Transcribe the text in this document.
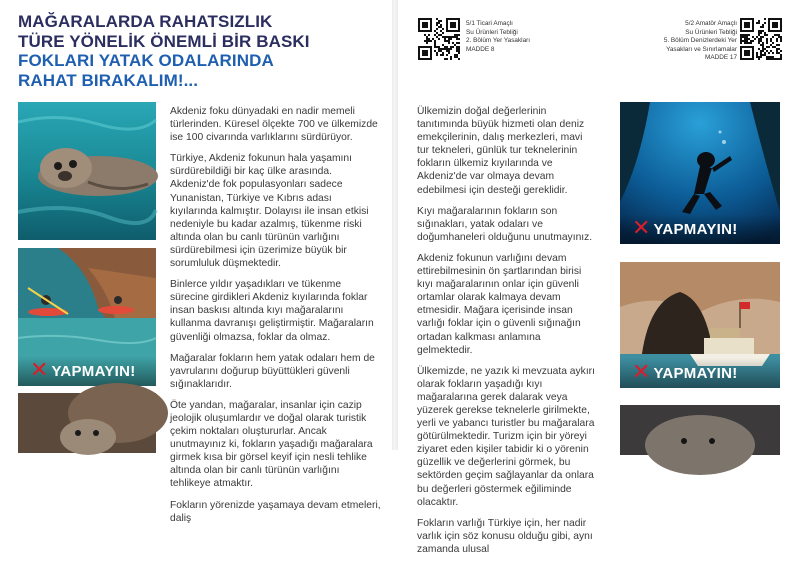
MAĞARALARDA RAHATSIZLIK
TÜRE YÖNELİK ÖNEMLİ BİR BASKI
FOKLARI YATAK ODALARINDA
RAHAT BIRAKALIM!...
✕ YAPMAYIN!

Akdeniz foku dünyadaki en nadir memeli türlerinden. Küresel ölçekte 700 ve ülkemizde ise 100 civarında varlıklarını sürdürüyor.

Türkiye, Akdeniz fokunun hala yaşamını sürdürebildiği bir kaç ülke arasında. Akdeniz'de fok populasyonları sadece Yunanistan, Türkiye ve Kıbrıs adası kıyılarında kalmıştır. Dolayısı ile insan etkisi nedeniyle bu kadar azalmış, tükenme riski altında olan bu canlı türünün varlığını sürdürebilmesi için üzerimize büyük bir sorumluluk düşmektedir.

Binlerce yıldır yaşadıkları ve tükenme sürecine girdikleri Akdeniz kıyılarında foklar insan baskısı altında kıyı mağaralarını kullanma davranışı geliştirmiştir. Mağaraların güvenliği olmazsa, foklar da olmaz.

Mağaralar fokların hem yatak odaları hem de yavrularını doğurup büyüttükleri güvenli sığınaklarıdır.

Öte yandan, mağaralar, insanlar için cazip jeolojik oluşumlardır ve doğal olarak turistik çekim noktaları oluştururlar. Ancak unutmayınız ki, fokların yaşadığı mağaralara girmek kısa bir görsel keyif için nesli tehlike altında olan bir canlı türünün varlığını tehlikeye atmaktır.

Fokların yörenizde yaşamaya devam etmeleri, daliş

5/1 Ticari Amaçlı
Su Ürünleri Tebliği
2. Bölüm Yer Yasakları
MADDE 8
5/2 Amatör Amaçlı
Su Ürünleri Tebliği
5. Bölüm Denizlerdeki Yer
Yasakları ve Sınırlamalar
MADDE 17

Ülkemizin doğal değerlerinin tanıtımında büyük hizmeti olan deniz emekçilerinin, dalış merkezleri, mavi tur tekneleri, günlük tur teknelerinin fokların ülkemiz kıyılarında ve Akdeniz'de var olmaya devam edebilmesi için desteği gereklidir.

Kıyı mağaralarının fokların son sığınakları, yatak odaları ve doğumhaneleri olduğunu unutmayınız.

Akdeniz fokunun varlığını devam ettirebilmesinin ön şartlarından birisi kıyı mağaralarının onlar için güvenli ortamlar olarak kalmaya devam etmesidir. Mağara içerisinde insan varlığı foklar için o güvenli sığınağın ortadan kalkması anlamına gelmektedir.

Ülkemizde, ne yazık ki mevzuata aykırı olarak fokların yaşadığı kıyı mağaralarına gerek dalarak veya yüzerek gerekse teknelerle girilmekte, yerli ve yabancı turistler bu mağaralara götürülmektedir. Turizm için bir yöreyi ziyaret eden kişiler tabidir ki o yörenin güzellik ve değerlerini görmek, bu sektörden geçim sağlayanlar da onlara bu değerleri göstermek eğiliminde olacaktır.

Fokların varlığı Türkiye için, her nadir varlık için söz konusu olduğu gibi, aynı zamanda ulusal

✕ YAPMAYIN!
✕ YAPMAYIN!
